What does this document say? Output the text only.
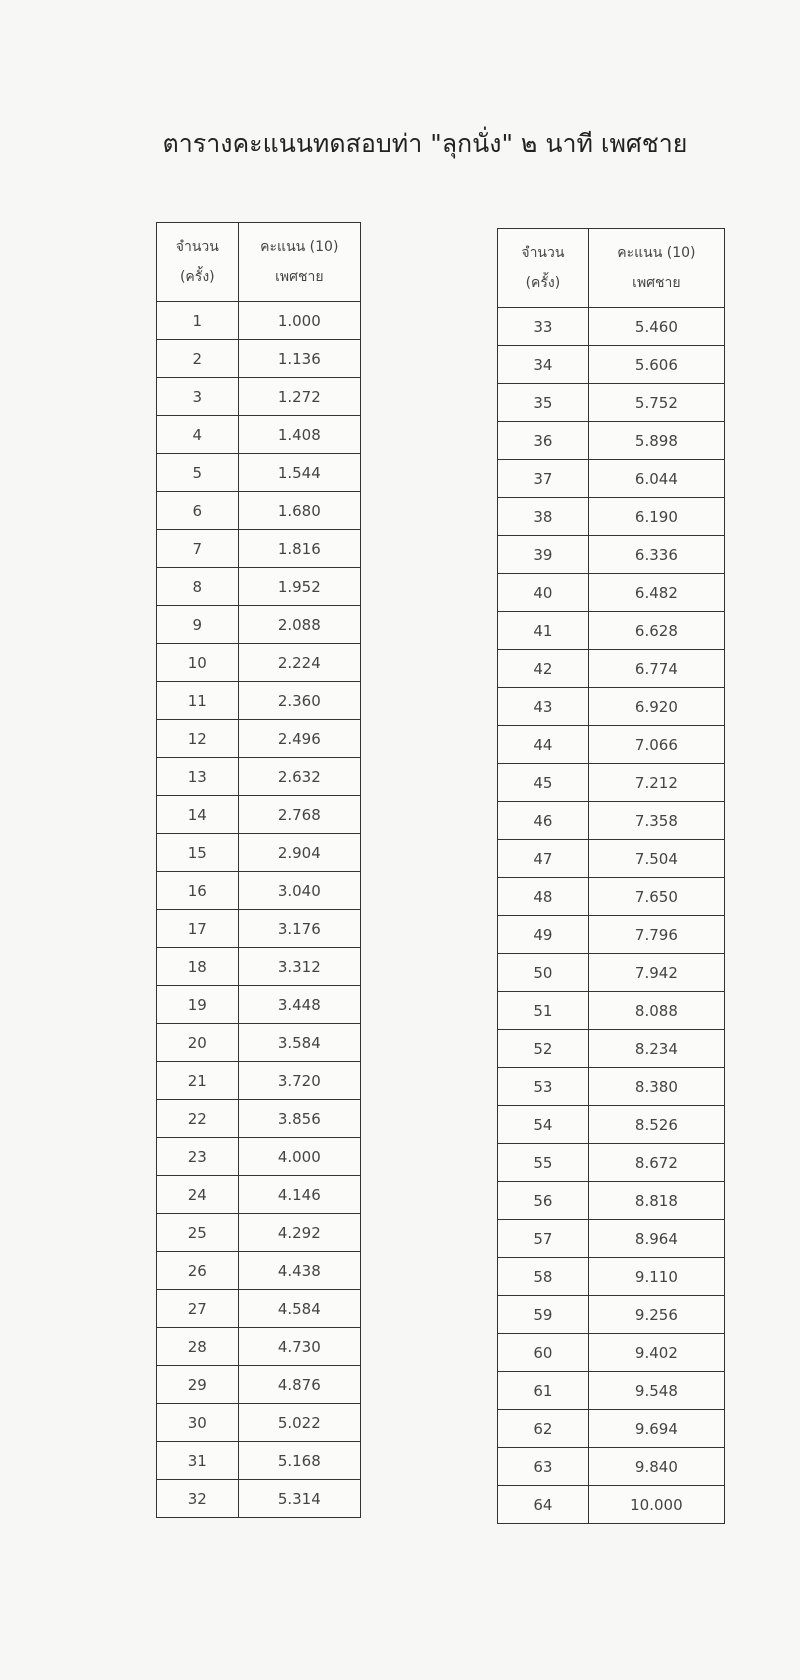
ตารางคะแนนทดสอบท่า "ลุกนั่ง" ๒ นาที เพศชาย
จำนวน
(ครั้ง)	คะแนน (10)
เพศชาย
1	1.000
2	1.136
3	1.272
4	1.408
5	1.544
6	1.680
7	1.816
8	1.952
9	2.088
10	2.224
11	2.360
12	2.496
13	2.632
14	2.768
15	2.904
16	3.040
17	3.176
18	3.312
19	3.448
20	3.584
21	3.720
22	3.856
23	4.000
24	4.146
25	4.292
26	4.438
27	4.584
28	4.730
29	4.876
30	5.022
31	5.168
32	5.314
จำนวน
(ครั้ง)	คะแนน (10)
เพศชาย
33	5.460
34	5.606
35	5.752
36	5.898
37	6.044
38	6.190
39	6.336
40	6.482
41	6.628
42	6.774
43	6.920
44	7.066
45	7.212
46	7.358
47	7.504
48	7.650
49	7.796
50	7.942
51	8.088
52	8.234
53	8.380
54	8.526
55	8.672
56	8.818
57	8.964
58	9.110
59	9.256
60	9.402
61	9.548
62	9.694
63	9.840
64	10.000
